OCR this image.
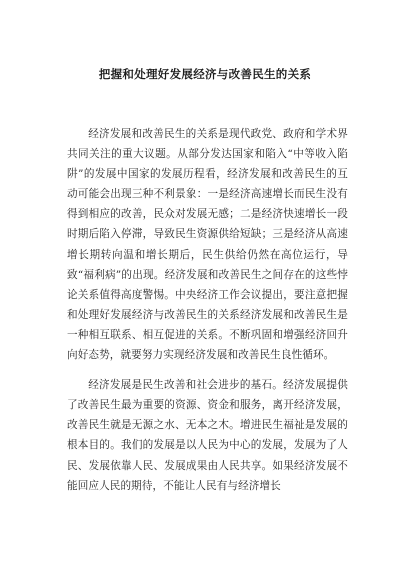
把握和处理好发展经济与改善民生的关系

经济发展和改善民生的关系是现代政党、政府和学术界共同关注的重大议题。从部分发达国家和陷入“中等收入陷阱”的发展中国家的发展历程看，经济发展和改善民生的互动可能会出现三种不利景象：一是经济高速增长而民生没有得到相应的改善，民众对发展无感；二是经济快速增长一段时期后陷入停滞，导致民生资源供给短缺；三是经济从高速增长期转向温和增长期后，民生供给仍然在高位运行，导致“福利病”的出现。经济发展和改善民生之间存在的这些悖论关系值得高度警惕。中央经济工作会议提出，要注意把握和处理好发展经济与改善民生的关系经济发展和改善民生是一种相互联系、相互促进的关系。不断巩固和增强经济回升向好态势，就要努力实现经济发展和改善民生良性循环。

经济发展是民生改善和社会进步的基石。经济发展提供了改善民生最为重要的资源、资金和服务，离开经济发展，改善民生就是无源之水、无本之木。增进民生福祉是发展的根本目的。我们的发展是以人民为中心的发展，发展为了人民、发展依靠人民、发展成果由人民共享。如果经济发展不能回应人民的期待，不能让人民有与经济增长
